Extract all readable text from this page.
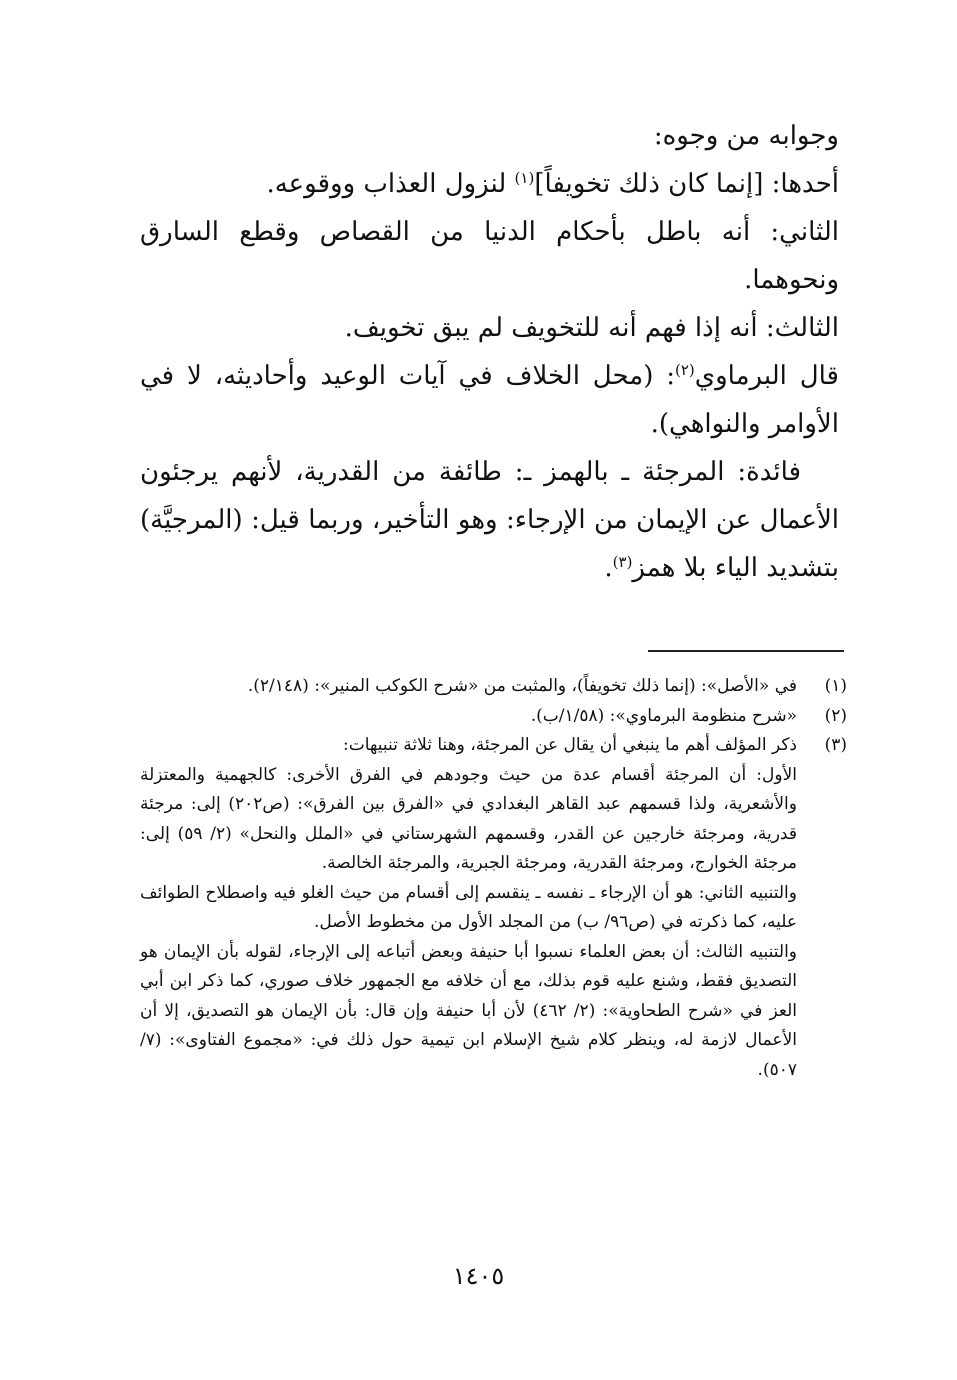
وجوابه من وجوه:

أحدها: [إنما كان ذلك تخويفاً]$^{(١)}$ لنزول العذاب ووقوعه.

الثاني: أنه باطل بأحكام الدنيا من القصاص وقطع السارق ونحوهما.

الثالث: أنه إذا فهم أنه للتخويف لم يبق تخويف.

قال البرماوي$^{(٢)}$: (محل الخلاف في آيات الوعيد وأحاديثه، لا في الأوامر والنواهي).

فائدة: المرجئة ـ بالهمز ـ: طائفة من القدرية، لأنهم يرجئون الأعمال عن الإيمان من الإرجاء: وهو التأخير، وربما قيل: (المرجيَّة) بتشديد الياء بلا همز$^{(٣)}$.

(١)

في «الأصل»: (إنما ذلك تخويفاً)، والمثبت من «شرح الكوكب المنير»: (٢/١٤٨).

(٢)

«شرح منظومة البرماوي»: (١/٥٨/ب).

(٣)

ذكر المؤلف أهم ما ينبغي أن يقال عن المرجئة، وهنا ثلاثة تنبيهات:

الأول: أن المرجئة أقسام عدة من حيث وجودهم في الفرق الأخرى: كالجهمية والمعتزلة والأشعرية، ولذا قسمهم عبد القاهر البغدادي في «الفرق بين الفرق»: (ص٢٠٢) إلى: مرجئة قدرية، ومرجئة خارجين عن القدر، وقسمهم الشهرستاني في «الملل والنحل» (٢/ ٥٩) إلى: مرجئة الخوارج، ومرجئة القدرية، ومرجئة الجبرية، والمرجئة الخالصة.

والتنبيه الثاني: هو أن الإرجاء ـ نفسه ـ ينقسم إلى أقسام من حيث الغلو فيه واصطلاح الطوائف عليه، كما ذكرته في (ص٩٦/ ب) من المجلد الأول من مخطوط الأصل.

والتنبيه الثالث: أن بعض العلماء نسبوا أبا حنيفة وبعض أتباعه إلى الإرجاء، لقوله بأن الإيمان هو التصديق فقط، وشنع عليه قوم بذلك، مع أن خلافه مع الجمهور خلاف صوري، كما ذكر ابن أبي العز في «شرح الطحاوية»: (٢/ ٤٦٢) لأن أبا حنيفة وإن قال: بأن الإيمان هو التصديق، إلا أن الأعمال لازمة له، وينظر كلام شيخ الإسلام ابن تيمية حول ذلك في: «مجموع الفتاوى»: (٧/ ٥٠٧).

١٤٠٥
